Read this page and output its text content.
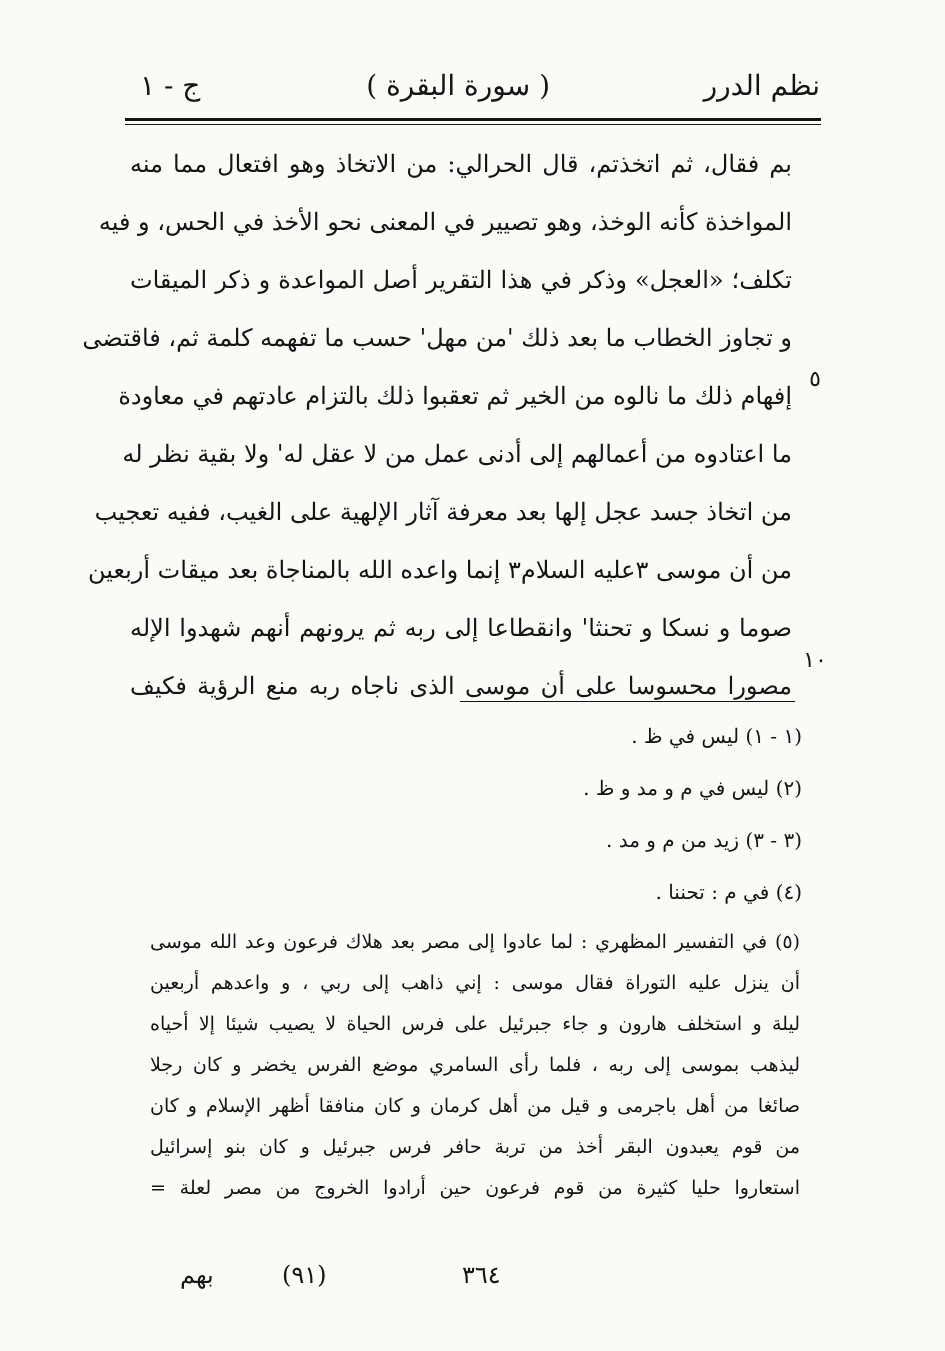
نظم الدرر
( سورة البقرة )
ج - ١
بم فقال، ثم اتخذتم، قال الحرالي: من الاتخاذ وهو افتعال مما منه
المواخذة كأنه الوخذ، وهو تصيير في المعنى نحو الأخذ في الحس، و فيه
تكلف؛ «العجل» وذكر في هذا التقرير أصل المواعدة و ذكر الميقات
و تجاوز الخطاب ما بعد ذلك 'من مهل' حسب ما تفهمه كلمة ثم، فاقتضى
إفهام ذلك ما نالوه من الخير ثم تعقبوا ذلك بالتزام عادتهم في معاودة
ما اعتادوه من أعمالهم إلى أدنى عمل من لا عقل له' ولا بقية نظر له
من اتخاذ جسد عجل إلها بعد معرفة آثار الإلهية على الغيب، ففيه تعجيب
من أن موسى ٣عليه السلام٣ إنما واعده الله بالمناجاة بعد ميقات أربعين
صوما و نسكا و تحنثا' وانقطاعا إلى ربه ثم يرونهم أنهم شهدوا الإله
مصورا محسوسا على أن موسى الذى ناجاه ربه منع الرؤية فكيف
٥
١٠
(١ - ١) ليس في ظ .
(٢) ليس في م و مد و ظ .
(٣ - ٣) زيد من م و مد .
(٤) في م : تحننا .
(٥) في التفسير المظهري : لما عادوا إلى مصر بعد هلاك فرعون وعد الله موسى
أن ينزل عليه التوراة فقال موسى : إني ذاهب إلى ربي ، و واعدهم أربعين
ليلة و استخلف هارون و جاء جبرئيل على فرس الحياة لا يصيب شيئا إلا أحياه
ليذهب بموسى إلى ربه ، فلما رأى السامري موضع الفرس يخضر و كان رجلا
صائغا من أهل باجرمى و قيل من أهل كرمان و كان منافقا أظهر الإسلام و كان
من قوم يعبدون البقر أخذ من تربة حافر فرس جبرئيل و كان بنو إسرائيل
استعاروا حليا كثيرة من قوم فرعون حين أرادوا الخروج من مصر لعلة =
٣٦٤
(٩١)
بهم
